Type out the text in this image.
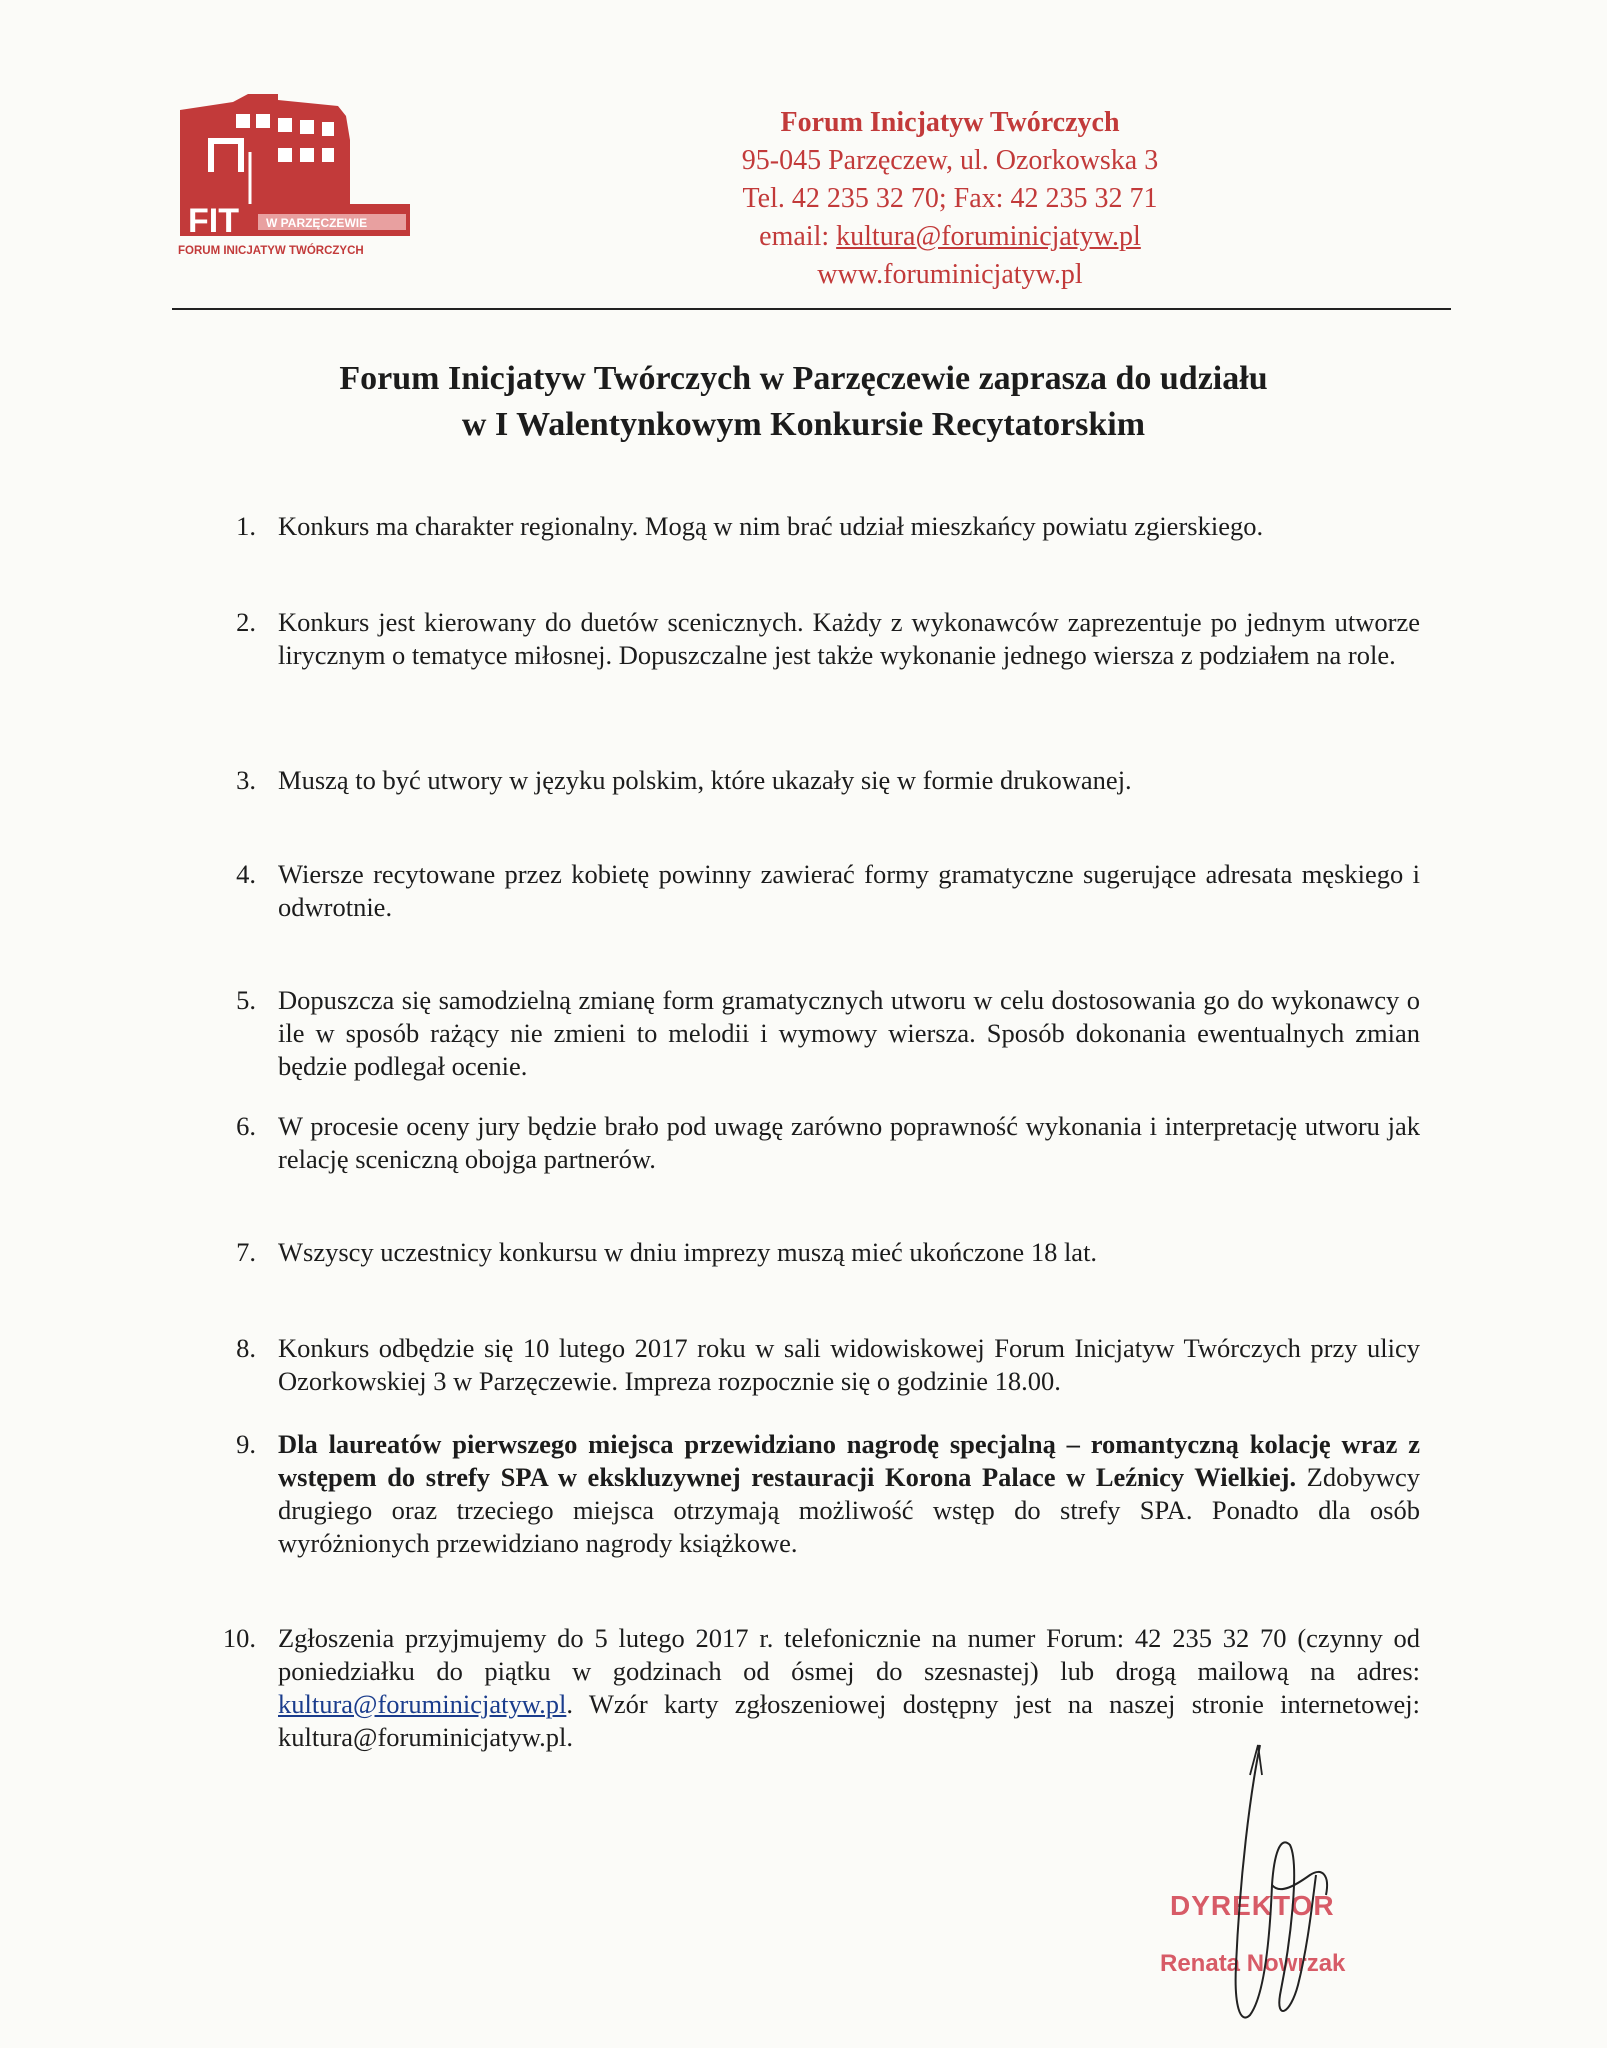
FIT W PARZĘCZEWIE
FORUM INICJATYW TWÓRCZYCH
Forum Inicjatyw Twórczych
95-045 Parzęczew, ul. Ozorkowska 3
Tel. 42 235 32 70; Fax: 42 235 32 71
email: kultura@foruminicjatyw.pl
www.foruminicjatyw.pl
Forum Inicjatyw Twórczych w Parzęczewie zaprasza do udziału
w I Walentynkowym Konkursie Recytatorskim
1. Konkurs ma charakter regionalny. Mogą w nim brać udział mieszkańcy powiatu zgierskiego.
2. Konkurs jest kierowany do duetów scenicznych. Każdy z wykonawców zaprezentuje po jednym utworze lirycznym o tematyce miłosnej. Dopuszczalne jest także wykonanie jednego wiersza z podziałem na role.
3. Muszą to być utwory w języku polskim, które ukazały się w formie drukowanej.
4. Wiersze recytowane przez kobietę powinny zawierać formy gramatyczne sugerujące adresata męskiego i odwrotnie.
5. Dopuszcza się samodzielną zmianę form gramatycznych utworu w celu dostosowania go do wykonawcy o ile w sposób rażący nie zmieni to melodii i wymowy wiersza. Sposób dokonania ewentualnych zmian będzie podlegał ocenie.
6. W procesie oceny jury będzie brało pod uwagę zarówno poprawność wykonania i interpretację utworu jak relację sceniczną obojga partnerów.
7. Wszyscy uczestnicy konkursu w dniu imprezy muszą mieć ukończone 18 lat.
8. Konkurs odbędzie się 10 lutego 2017 roku w sali widowiskowej Forum Inicjatyw Twórczych przy ulicy Ozorkowskiej 3 w Parzęczewie. Impreza rozpocznie się o godzinie 18.00.
9. Dla laureatów pierwszego miejsca przewidziano nagrodę specjalną – romantyczną kolację wraz z wstępem do strefy SPA w ekskluzywnej restauracji Korona Palace w Leźnicy Wielkiej. Zdobywcy drugiego oraz trzeciego miejsca otrzymają możliwość wstęp do strefy SPA. Ponadto dla osób wyróżnionych przewidziano nagrody książkowe.
10. Zgłoszenia przyjmujemy do 5 lutego 2017 r. telefonicznie na numer Forum: 42 235 32 70 (czynny od poniedziałku do piątku w godzinach od ósmej do szesnastej) lub drogą mailową na adres: kultura@foruminicjatyw.pl. Wzór karty zgłoszeniowej dostępny jest na naszej stronie internetowej: kultura@foruminicjatyw.pl.
DYREKTOR
Renata Nowrzak
